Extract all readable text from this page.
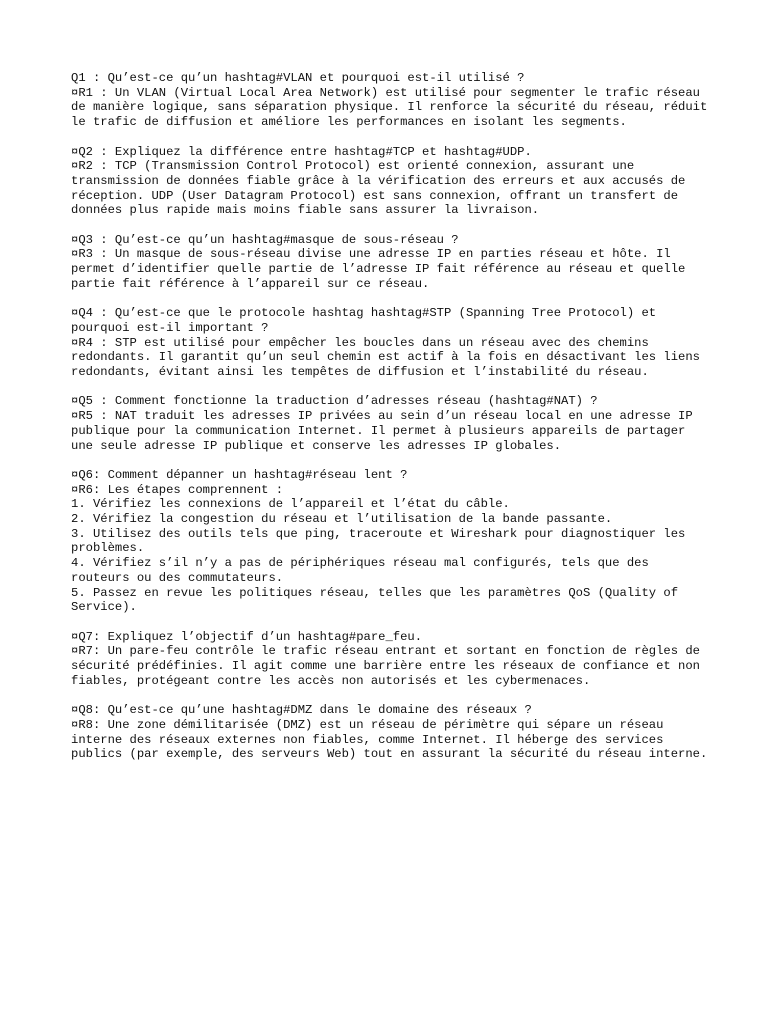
Q1 : Qu’est-ce qu’un hashtag#VLAN et pourquoi est-il utilisé ?
¤R1 : Un VLAN (Virtual Local Area Network) est utilisé pour segmenter le trafic réseau de manière logique, sans séparation physique. Il renforce la sécurité du réseau, réduit le trafic de diffusion et améliore les performances en isolant les segments.
¤Q2 : Expliquez la différence entre hashtag#TCP et hashtag#UDP.
¤R2 : TCP (Transmission Control Protocol) est orienté connexion, assurant une transmission de données fiable grâce à la vérification des erreurs et aux accusés de réception. UDP (User Datagram Protocol) est sans connexion, offrant un transfert de données plus rapide mais moins fiable sans assurer la livraison.
¤Q3 : Qu’est-ce qu’un hashtag#masque de sous-réseau ?
¤R3 : Un masque de sous-réseau divise une adresse IP en parties réseau et hôte. Il permet d’identifier quelle partie de l’adresse IP fait référence au réseau et quelle partie fait référence à l’appareil sur ce réseau.
¤Q4 : Qu’est-ce que le protocole hashtag hashtag#STP (Spanning Tree Protocol) et pourquoi est-il important ?
¤R4 : STP est utilisé pour empêcher les boucles dans un réseau avec des chemins redondants. Il garantit qu’un seul chemin est actif à la fois en désactivant les liens redondants, évitant ainsi les tempêtes de diffusion et l’instabilité du réseau.
¤Q5 : Comment fonctionne la traduction d’adresses réseau (hashtag#NAT) ?
¤R5 : NAT traduit les adresses IP privées au sein d’un réseau local en une adresse IP publique pour la communication Internet. Il permet à plusieurs appareils de partager une seule adresse IP publique et conserve les adresses IP globales.
¤Q6: Comment dépanner un hashtag#réseau lent ?
¤R6: Les étapes comprennent :
1. Vérifiez les connexions de l’appareil et l’état du câble.
2. Vérifiez la congestion du réseau et l’utilisation de la bande passante.
3. Utilisez des outils tels que ping, traceroute et Wireshark pour diagnostiquer les problèmes.
4. Vérifiez s’il n’y a pas de périphériques réseau mal configurés, tels que des routeurs ou des commutateurs.
5. Passez en revue les politiques réseau, telles que les paramètres QoS (Quality of Service).
¤Q7: Expliquez l’objectif d’un hashtag#pare_feu.
¤R7: Un pare-feu contrôle le trafic réseau entrant et sortant en fonction de règles de sécurité prédéfinies. Il agit comme une barrière entre les réseaux de confiance et non fiables, protégeant contre les accès non autorisés et les cybermenaces.
¤Q8: Qu’est-ce qu’une hashtag#DMZ dans le domaine des réseaux ?
¤R8: Une zone démilitarisée (DMZ) est un réseau de périmètre qui sépare un réseau interne des réseaux externes non fiables, comme Internet. Il héberge des services publics (par exemple, des serveurs Web) tout en assurant la sécurité du réseau interne.
